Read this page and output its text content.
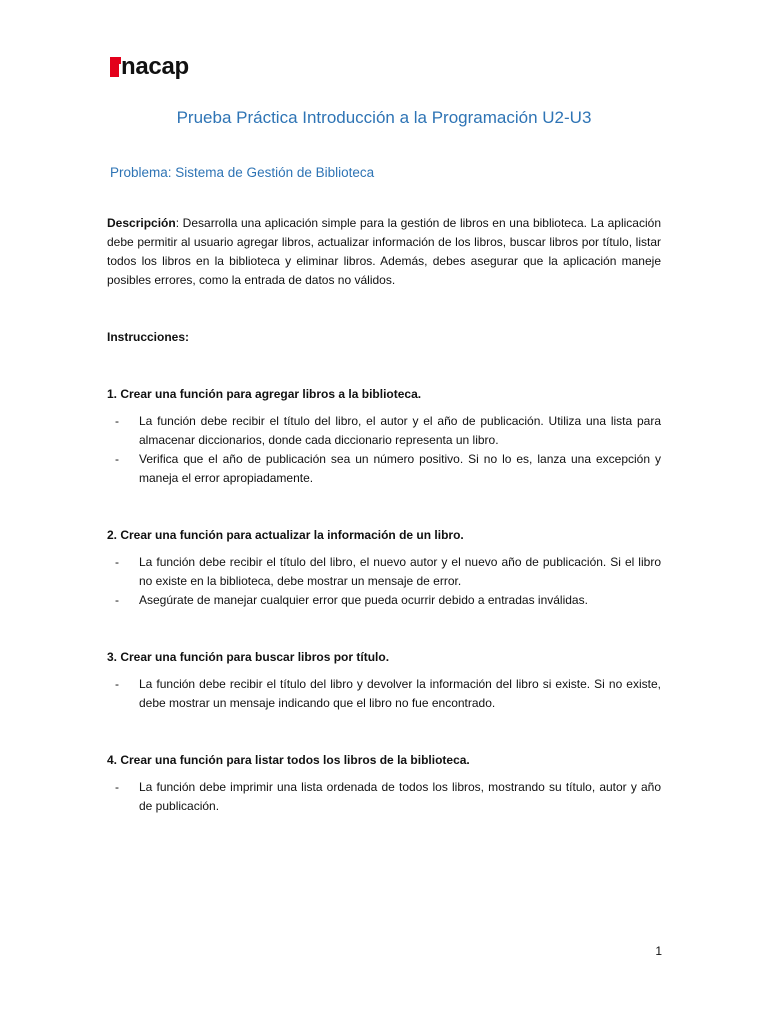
nacap
Prueba Práctica Introducción a la Programación U2-U3
Problema: Sistema de Gestión de Biblioteca

Descripción: Desarrolla una aplicación simple para la gestión de libros en una biblioteca. La aplicación debe permitir al usuario agregar libros, actualizar información de los libros, buscar libros por título, listar todos los libros en la biblioteca y eliminar libros. Además, debes asegurar que la aplicación maneje posibles errores, como la entrada de datos no válidos.

Instrucciones:

1. Crear una función para agregar libros a la biblioteca.

- La función debe recibir el título del libro, el autor y el año de publicación. Utiliza una lista para almacenar diccionarios, donde cada diccionario representa un libro.
- Verifica que el año de publicación sea un número positivo. Si no lo es, lanza una excepción y maneja el error apropiadamente.

2. Crear una función para actualizar la información de un libro.

- La función debe recibir el título del libro, el nuevo autor y el nuevo año de publicación. Si el libro no existe en la biblioteca, debe mostrar un mensaje de error.
- Asegúrate de manejar cualquier error que pueda ocurrir debido a entradas inválidas.

3. Crear una función para buscar libros por título.

- La función debe recibir el título del libro y devolver la información del libro si existe. Si no existe, debe mostrar un mensaje indicando que el libro no fue encontrado.

4. Crear una función para listar todos los libros de la biblioteca.

- La función debe imprimir una lista ordenada de todos los libros, mostrando su título, autor y año de publicación.
1
